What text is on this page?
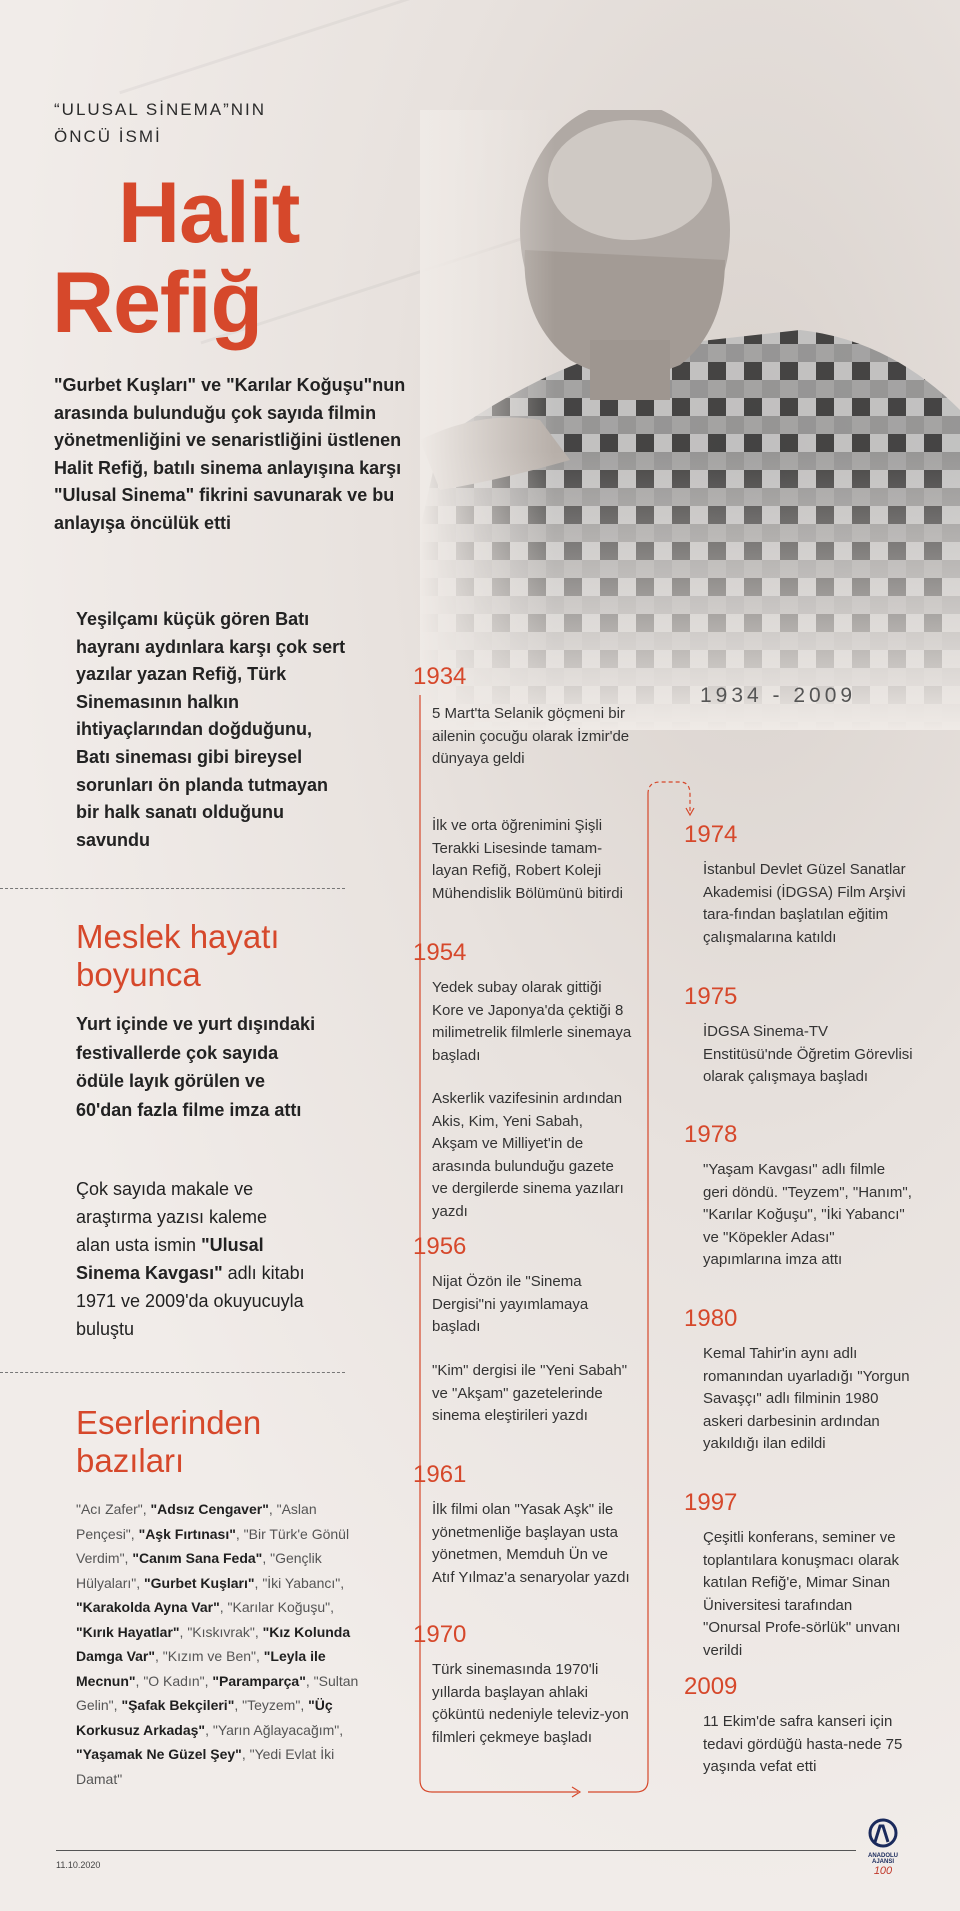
“ULUSAL SİNEMA”NIN
ÖNCÜ İSMİ
Halit
Refiğ
"Gurbet Kuşları" ve "Karılar Koğuşu"nun arasında bulunduğu çok sayıda filmin yönetmenliğini ve senaristliğini üstlenen Halit Refiğ, batılı sinema anlayışına karşı "Ulusal Sinema" fikrini savunarak ve bu anlayışa öncülük etti
Yeşilçamı küçük gören Batı hayranı aydınlara karşı çok sert yazılar yazan Refiğ, Türk Sinemasının halkın ihtiyaçlarından doğduğunu, Batı sineması gibi bireysel sorunları ön planda tutmayan bir halk sanatı olduğunu savundu
Meslek hayatı boyunca
Yurt içinde ve yurt dışındaki festivallerde çok sayıda ödüle layık görülen ve 60'dan fazla filme imza attı
Çok sayıda makale ve araştırma yazısı kaleme alan usta ismin "Ulusal Sinema Kavgası" adlı kitabı 1971 ve 2009'da okuyucuyla buluştu
Eserlerinden bazıları
"Acı Zafer", "Adsız Cengaver", "Aslan Pençesi", "Aşk Fırtınası", "Bir Türk'e Gönül Verdim", "Canım Sana Feda", "Gençlik Hülyaları", "Gurbet Kuşları", "İki Yabancı", "Karakolda Ayna Var", "Karılar Koğuşu", "Kırık Hayatlar", "Kıskıvrak", "Kız Kolunda Damga Var", "Kızım ve Ben", "Leyla ile Mecnun", "O Kadın", "Paramparça", "Sultan Gelin", "Şafak Bekçileri", "Teyzem", "Üç Korkusuz Arkadaş", "Yarın Ağlayacağım", "Yaşamak Ne Güzel Şey", "Yedi Evlat İki Damat"
1934 - 2009
1934
5 Mart'ta Selanik göçmeni bir ailenin çocuğu olarak İzmir'de dünyaya geldi
İlk ve orta öğrenimini Şişli Terakki Lisesinde tamam-layan Refiğ, Robert Koleji Mühendislik Bölümünü bitirdi
1954
Yedek subay olarak gittiği Kore ve Japonya'da çektiği 8 milimetrelik filmlerle sinemaya başladı
Askerlik vazifesinin ardından Akis, Kim, Yeni Sabah, Akşam ve Milliyet'in de arasında bulunduğu gazete ve dergilerde sinema yazıları yazdı
1956
Nijat Özön ile "Sinema Dergisi"ni yayımlamaya başladı
"Kim" dergisi ile "Yeni Sabah" ve "Akşam" gazetelerinde sinema eleştirileri yazdı
1961
İlk filmi olan "Yasak Aşk" ile yönetmenliğe başlayan usta yönetmen, Memduh Ün ve Atıf Yılmaz'a senaryolar yazdı
1970
Türk sinemasında 1970'li yıllarda başlayan ahlaki çöküntü nedeniyle televiz-yon filmleri çekmeye başladı
1974
İstanbul Devlet Güzel Sanatlar Akademisi (İDGSA) Film Arşivi tara-fından başlatılan eğitim çalışmalarına katıldı
1975
İDGSA Sinema-TV Enstitüsü'nde Öğretim Görevlisi olarak çalışmaya başladı
1978
"Yaşam Kavgası" adlı filmle geri döndü. "Teyzem", "Hanım", "Karılar Koğuşu", "İki Yabancı" ve "Köpekler Adası" yapımlarına imza attı
1980
Kemal Tahir'in aynı adlı romanından uyarladığı "Yorgun Savaşçı" adlı filminin 1980 askeri darbesinin ardından yakıldığı ilan edildi
1997
Çeşitli konferans, seminer ve toplantılara konuşmacı olarak katılan Refiğ'e, Mimar Sinan Üniversitesi tarafından "Onursal Profe-sörlük" unvanı verildi
2009
11 Ekim'de safra kanseri için tedavi gördüğü hasta-nede 75 yaşında vefat etti
11.10.2020
ANADOLU AJANSI
100
